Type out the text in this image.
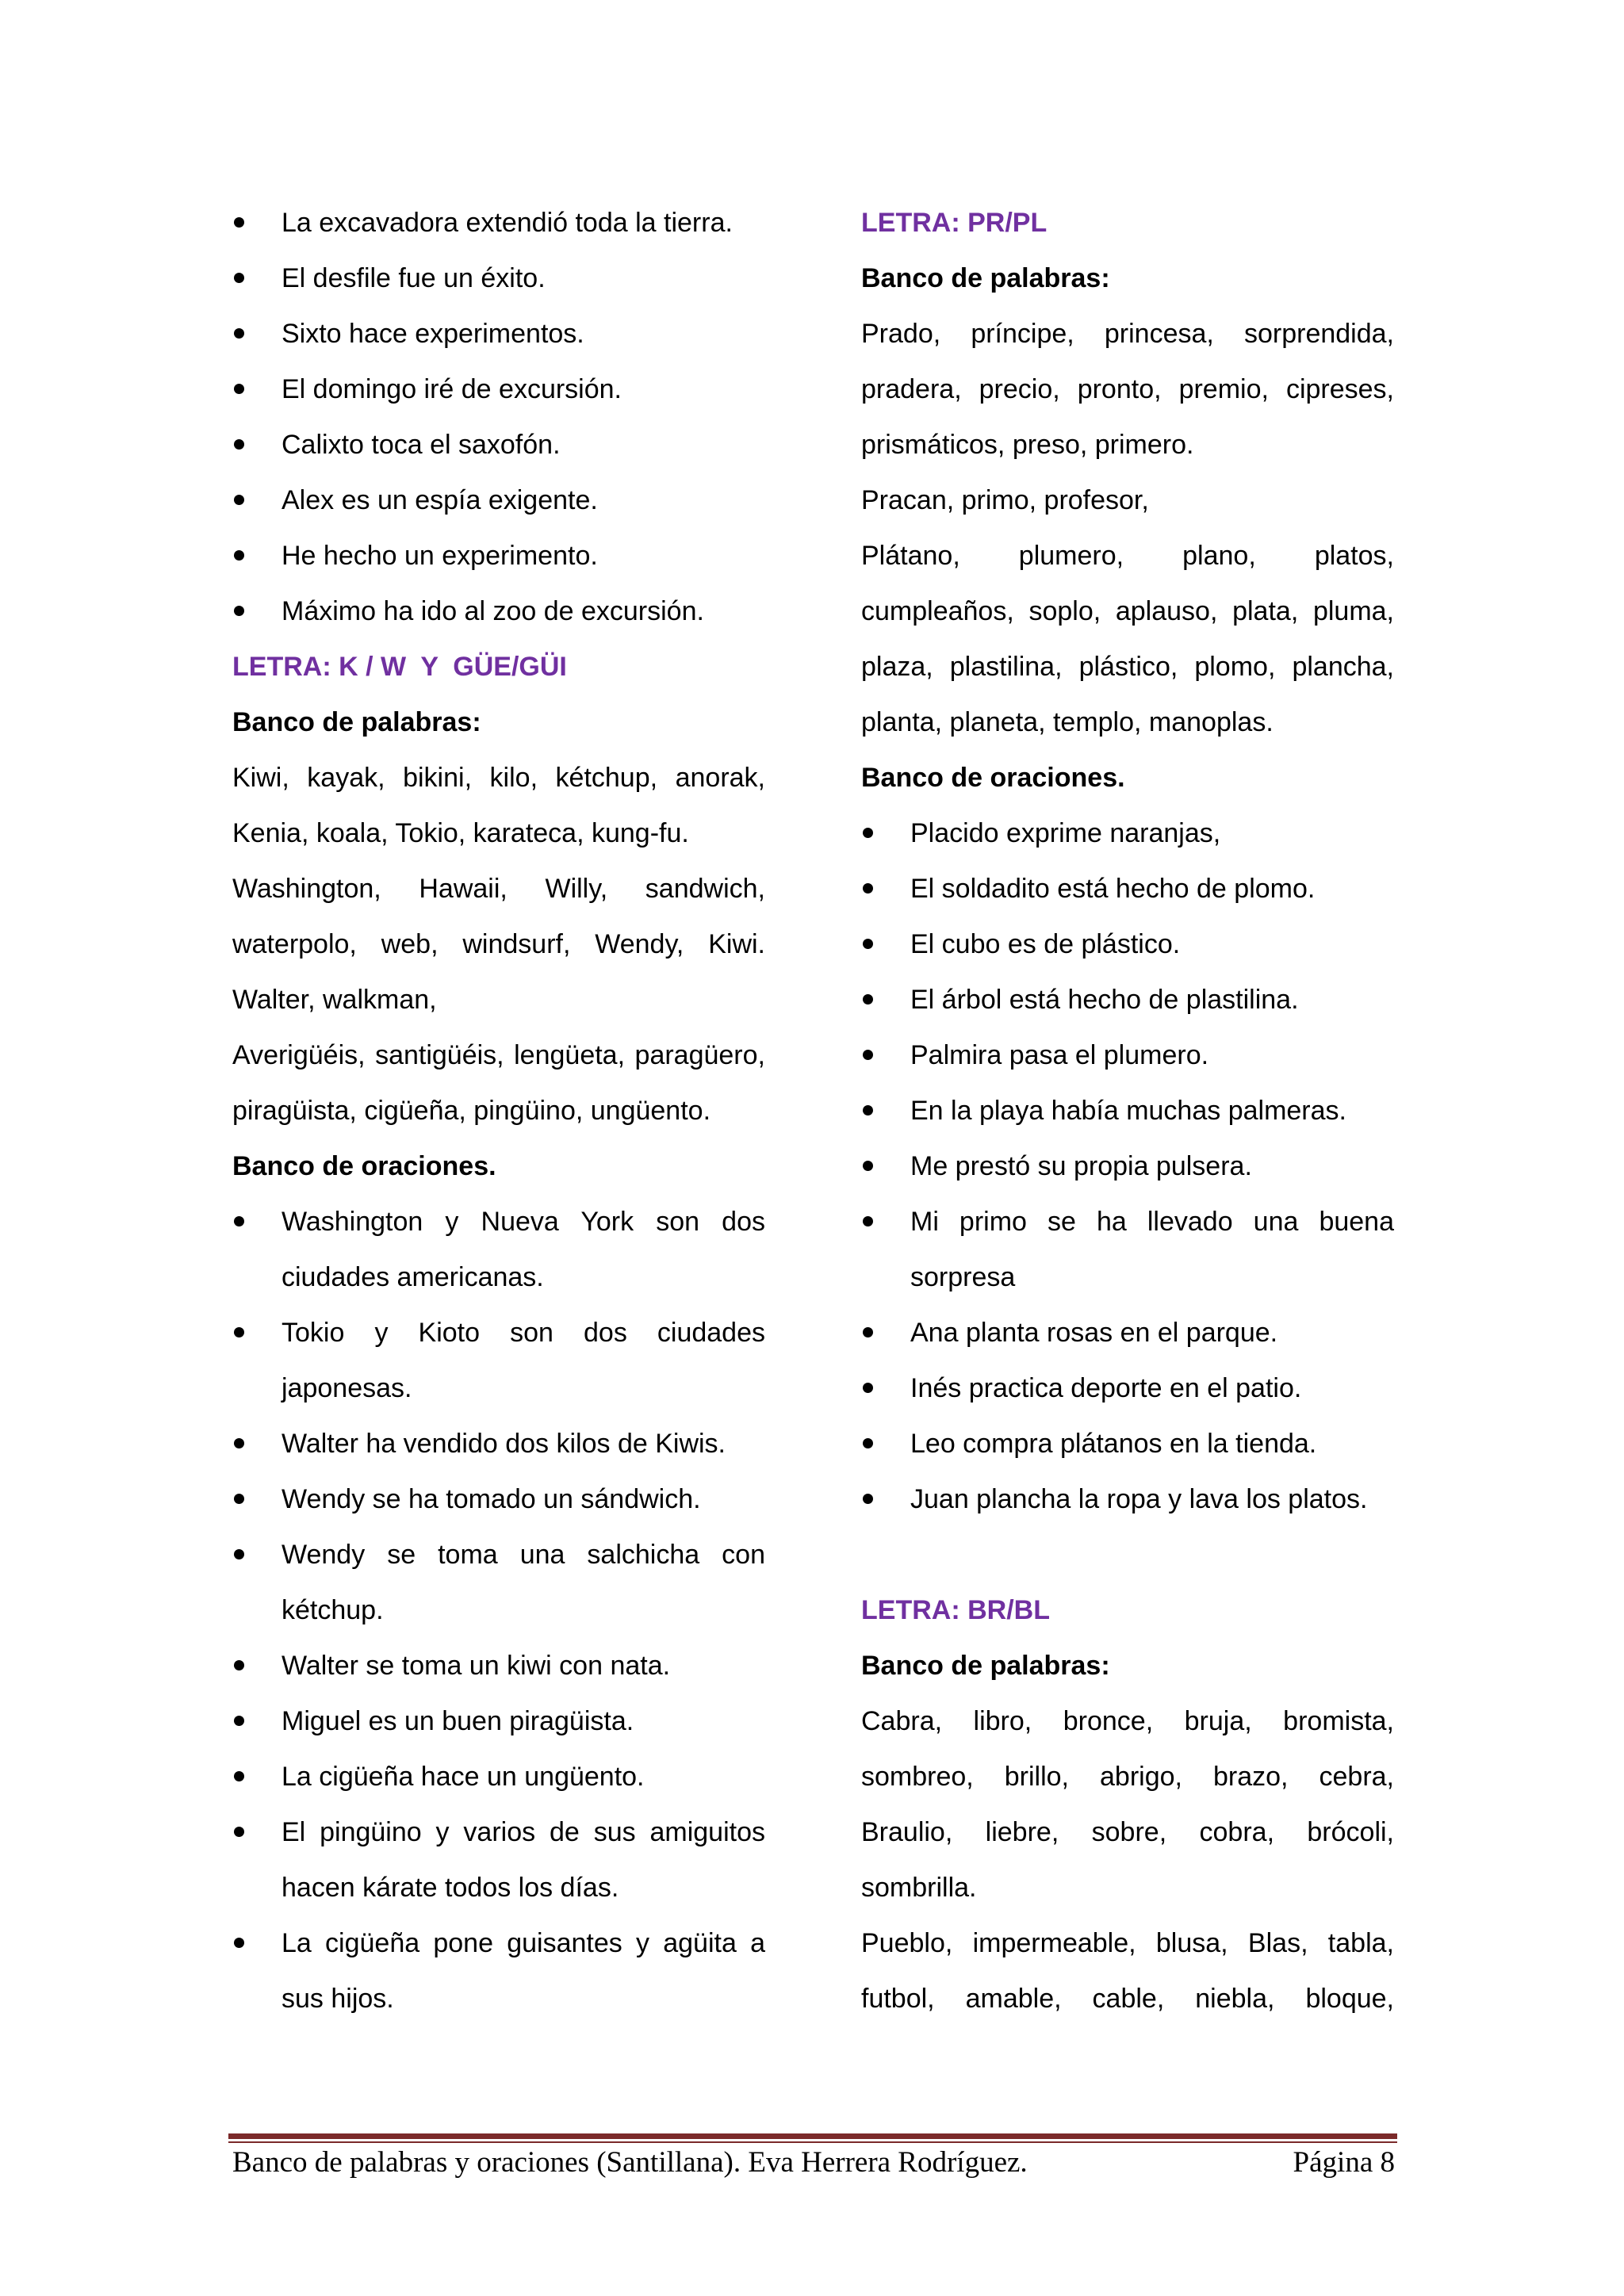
La excavadora extendió toda la tierra.
El desfile fue un éxito.
Sixto hace experimentos.
El domingo iré de excursión.
Calixto toca el saxofón.
Alex es un espía exigente.
He hecho un experimento.
Máximo ha ido al zoo de excursión.
LETRA: K / W  Y  GÜE/GÜI
Banco de palabras:
Kiwi, kayak, bikini, kilo, kétchup, anorak, Kenia, koala, Tokio, karateca, kung-fu.
Washington, Hawaii, Willy, sandwich, waterpolo, web, windsurf, Wendy, Kiwi. Walter, walkman,
Averigüéis, santigüéis, lengüeta, paragüero, piragüista, cigüeña, pingüino, ungüento.
Banco de oraciones.
Washington y Nueva York son dos ciudades americanas.
Tokio y Kioto son dos ciudades japonesas.
Walter ha vendido dos kilos de Kiwis.
Wendy se ha tomado un sándwich.
Wendy se toma una salchicha con kétchup.
Walter se toma un kiwi con nata.
Miguel es un buen piragüista.
La cigüeña hace un ungüento.
El pingüino y varios de sus amiguitos hacen kárate todos los días.
La cigüeña pone guisantes y agüita a sus hijos.
LETRA: PR/PL
Banco de palabras:
Prado, príncipe, princesa, sorprendida, pradera, precio, pronto, premio, cipreses, prismáticos, preso, primero.
Pracan, primo, profesor,
Plátano, plumero, plano, platos, cumpleaños, soplo, aplauso, plata, pluma, plaza, plastilina, plástico, plomo, plancha, planta, planeta, templo, manoplas.
Banco de oraciones.
Placido exprime naranjas,
El soldadito está hecho de plomo.
El cubo es de plástico.
El árbol está hecho de plastilina.
Palmira pasa el plumero.
En la playa había muchas palmeras.
Me prestó su propia pulsera.
Mi primo se ha llevado una buena sorpresa
Ana planta rosas en el parque.
Inés practica deporte en el patio.
Leo compra plátanos en la tienda.
Juan plancha la ropa y lava los platos.
LETRA: BR/BL
Banco de palabras:
Cabra, libro, bronce, bruja, bromista, sombreo, brillo, abrigo, brazo, cebra, Braulio, liebre, sobre, cobra, brócoli, sombrilla.
Pueblo, impermeable, blusa, Blas, tabla, futbol, amable, cable, niebla, bloque,
Banco de palabras y oraciones (Santillana). Eva Herrera Rodríguez.	Página 8
